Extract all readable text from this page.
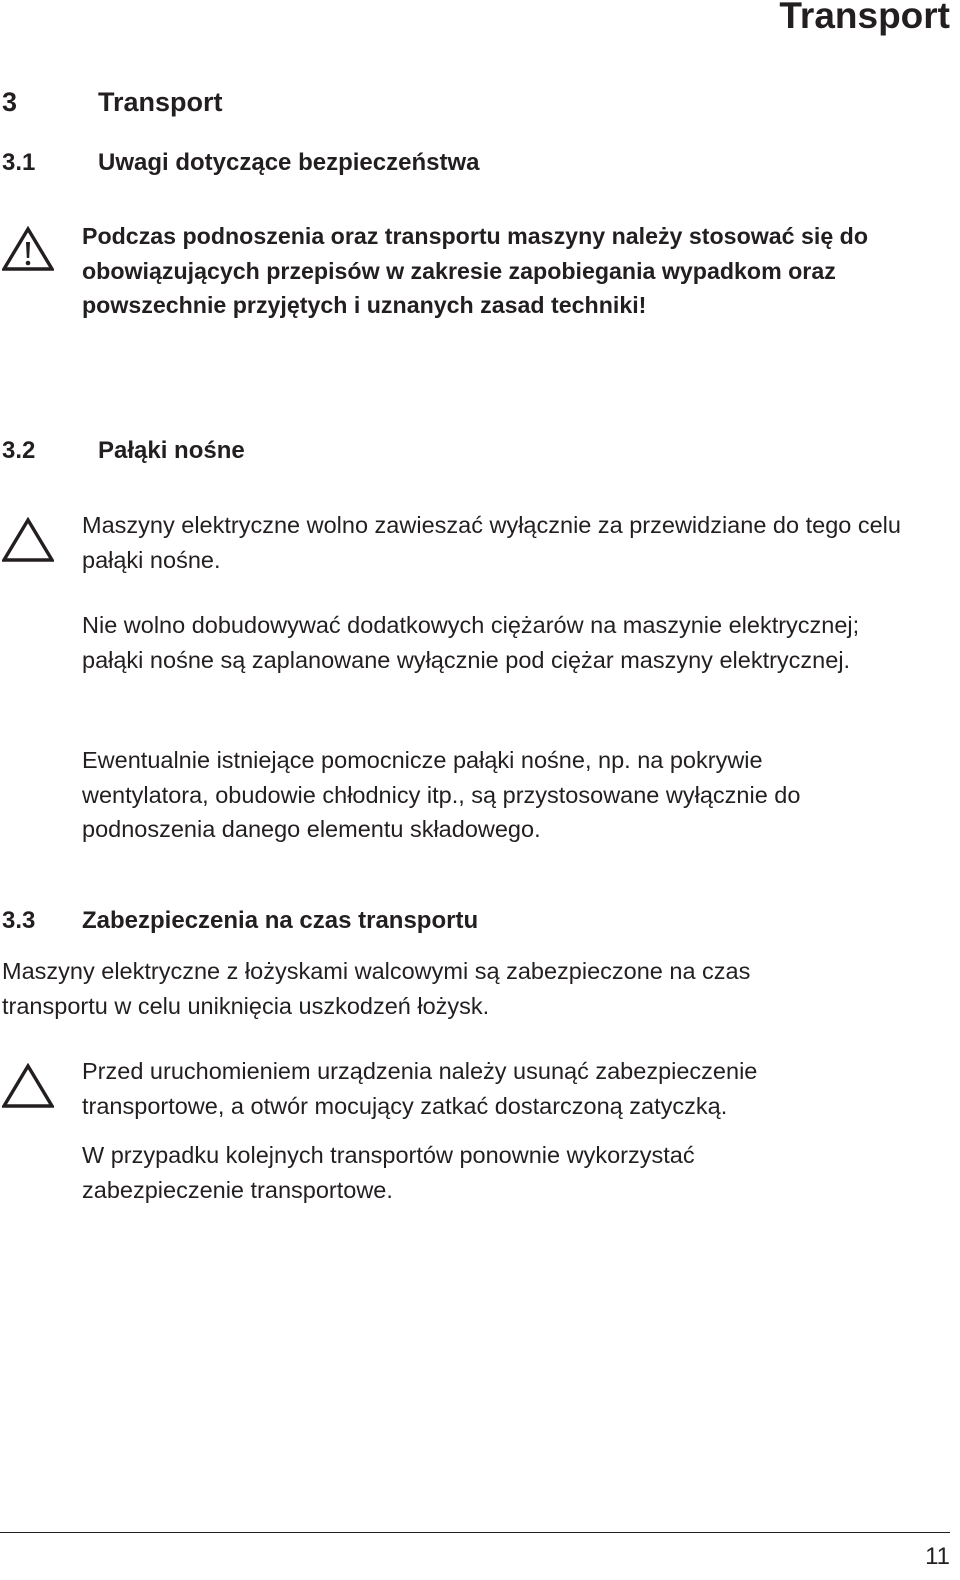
Transport
3	Transport
3.1	Uwagi dotyczące bezpieczeństwa
Podczas podnoszenia oraz transportu maszyny należy stosować się do obowiązujących przepisów w zakresie zapobiegania wypadkom oraz powszechnie przyjętych i uznanych zasad techniki!
3.2	Pałąki nośne
Maszyny elektryczne wolno zawieszać wyłącznie za przewidziane do tego celu pałąki nośne.
Nie wolno dobudowywać dodatkowych ciężarów na maszynie elektrycznej; pałąki nośne są zaplanowane wyłącznie pod ciężar maszyny elektrycznej.
Ewentualnie istniejące pomocnicze pałąki nośne, np. na pokrywie wentylatora, obudowie chłodnicy itp., są przystosowane wyłącznie do podnoszenia danego elementu składowego.
3.3 Zabezpieczenia na czas transportu
Maszyny elektryczne z łożyskami walcowymi są zabezpieczone na czas transportu w celu uniknięcia uszkodzeń łożysk.
Przed uruchomieniem urządzenia należy usunąć zabezpieczenie transportowe, a otwór mocujący zatkać dostarczoną zatyczką.
W przypadku kolejnych transportów ponownie wykorzystać zabezpieczenie transportowe.
11
